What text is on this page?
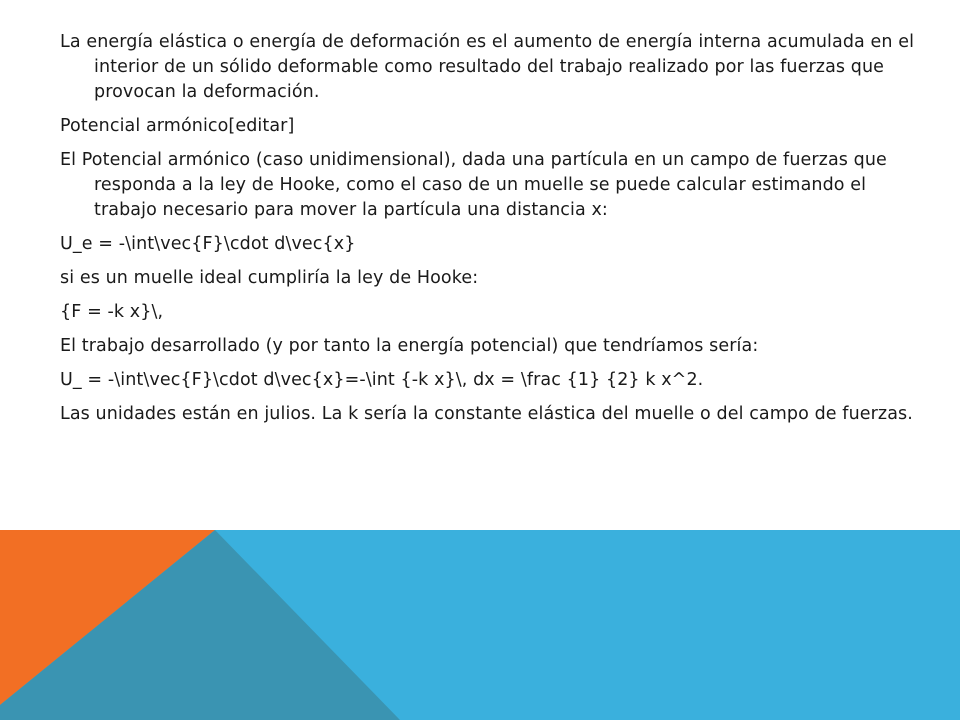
La energía elástica o energía de deformación es el aumento de energía interna acumulada en el interior de un sólido deformable como resultado del trabajo realizado por las fuerzas que provocan la deformación.

Potencial armónico[editar]

El Potencial armónico (caso unidimensional), dada una partícula en un campo de fuerzas que responda a la ley de Hooke, como el caso de un muelle se puede calcular estimando el trabajo necesario para mover la partícula una distancia x:

U_e = -\int\vec{F}\cdot d\vec{x}

si es un muelle ideal cumpliría la ley de Hooke:

{F = -k x}\,

El trabajo desarrollado (y por tanto la energía potencial) que tendríamos sería:

U_ = -\int\vec{F}\cdot d\vec{x}=-\int {-k x}\, dx = \frac {1} {2} k x^2.

Las unidades están en julios. La k sería la constante elástica del muelle o del campo de fuerzas.
